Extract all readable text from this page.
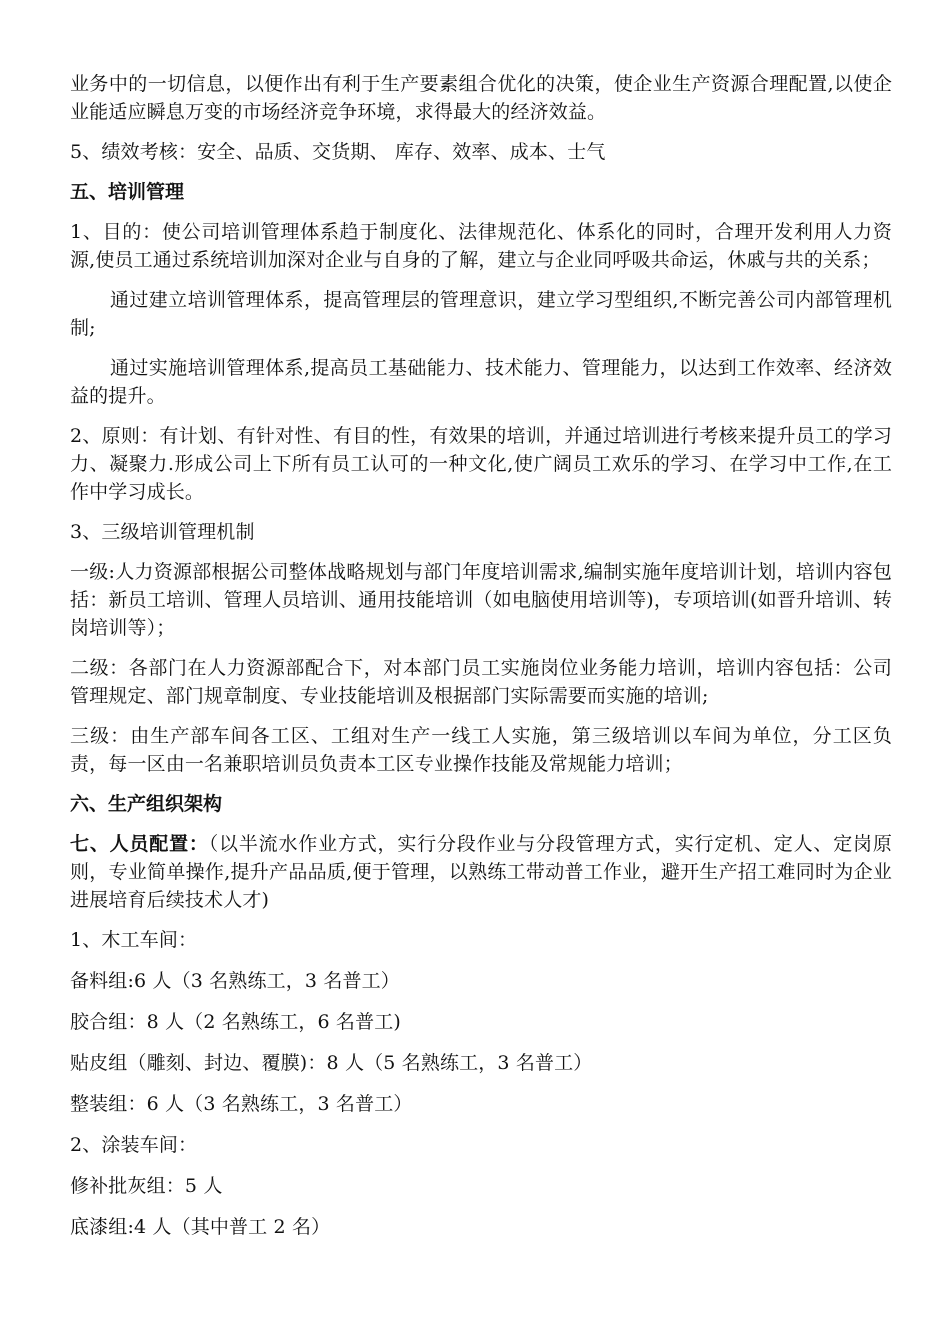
业务中的一切信息，以便作出有利于生产要素组合优化的决策，使企业生产资源合理配置,以使企业能适应瞬息万变的市场经济竞争环境，求得最大的经济效益。

5、绩效考核：安全、品质、交货期、 库存、效率、成本、士气

五、培训管理

1、目的：使公司培训管理体系趋于制度化、法律规范化、体系化的同时，合理开发利用人力资源,使员工通过系统培训加深对企业与自身的了解，建立与企业同呼吸共命运，休戚与共的关系；

通过建立培训管理体系，提高管理层的管理意识，建立学习型组织,不断完善公司内部管理机制;

通过实施培训管理体系,提高员工基础能力、技术能力、管理能力，以达到工作效率、经济效益的提升。

2、原则：有计划、有针对性、有目的性，有效果的培训，并通过培训进行考核来提升员工的学习力、凝聚力.形成公司上下所有员工认可的一种文化,使广阔员工欢乐的学习、在学习中工作,在工作中学习成长。

3、三级培训管理机制

一级:人力资源部根据公司整体战略规划与部门年度培训需求,编制实施年度培训计划，培训内容包括：新员工培训、管理人员培训、通用技能培训（如电脑使用培训等)，专项培训(如晋升培训、转岗培训等）；

二级：各部门在人力资源部配合下，对本部门员工实施岗位业务能力培训，培训内容包括：公司管理规定、部门规章制度、专业技能培训及根据部门实际需要而实施的培训;

三级：由生产部车间各工区、工组对生产一线工人实施，第三级培训以车间为单位，分工区负责，每一区由一名兼职培训员负责本工区专业操作技能及常规能力培训；

六、生产组织架构

七、人员配置：（以半流水作业方式，实行分段作业与分段管理方式，实行定机、定人、定岗原则，专业简单操作,提升产品品质,便于管理，以熟练工带动普工作业，避开生产招工难同时为企业进展培育后续技术人才)

1、木工车间：
备料组:6 人（3 名熟练工，3 名普工）
胶合组：8 人（2 名熟练工，6 名普工)
贴皮组（雕刻、封边、覆膜)：8 人（5 名熟练工，3 名普工）
整装组：6 人（3 名熟练工，3 名普工）
2、涂装车间：
修补批灰组：5 人
底漆组:4 人（其中普工 2 名）
